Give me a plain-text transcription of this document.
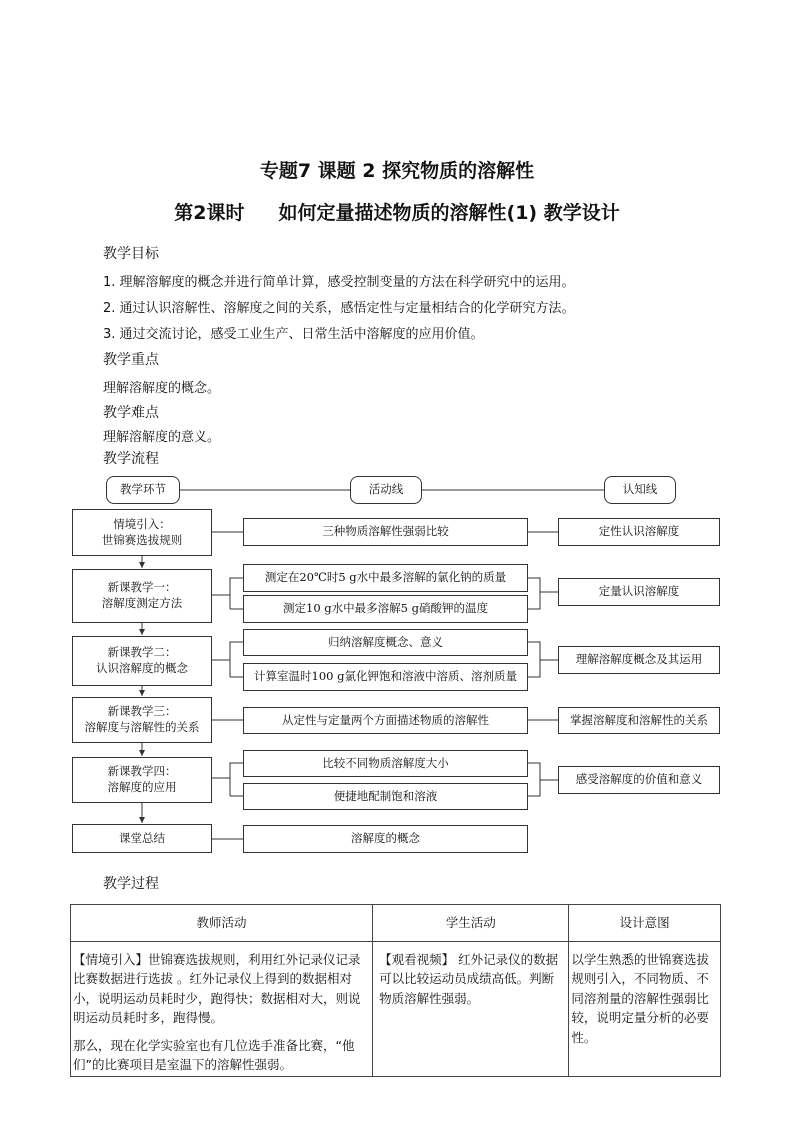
专题7 课题 2 探究物质的溶解性
第2课时 如何定量描述物质的溶解性(1) 教学设计
教学目标
1. 理解溶解度的概念并进行简单计算，感受控制变量的方法在科学研究中的运用。
2. 通过认识溶解性、溶解度之间的关系，感悟定性与定量相结合的化学研究方法。
3. 通过交流讨论，感受工业生产、日常生活中溶解度的应用价值。
教学重点
理解溶解度的概念。
教学难点
理解溶解度的意义。
教学流程
教学环节	活动线	认知线
情境引入：
世锦赛选拔规则
新课教学一：
溶解度测定方法
新课教学二：
认识溶解度的概念
新课教学三：
溶解度与溶解性的关系
新课教学四：
溶解度的应用
课堂总结
三种物质溶解性强弱比较
测定在20℃时5 g水中最多溶解的氯化钠的质量
测定10 g水中最多溶解5 g硝酸钾的温度
归纳溶解度概念、意义
计算室温时100 g氯化钾饱和溶液中溶质、溶剂质量
从定性与定量两个方面描述物质的溶解性
比较不同物质溶解度大小
便捷地配制饱和溶液
溶解度的概念
定性认识溶解度
定量认识溶解度
理解溶解度概念及其运用
掌握溶解度和溶解性的关系
感受溶解度的价值和意义
教学过程
教师活动	学生活动	设计意图

【情境引入】世锦赛选拔规则，利用红外记录仪记录比赛数据进行选拔 。红外记录仪上得到的数据相对小，说明运动员耗时少，跑得快；数据相对大，则说明运动员耗时多，跑得慢。
那么，现在化学实验室也有几位选手准备比赛，“他们”的比赛项目是室温下的溶解性强弱。	【观看视频】 红外记录仪的数据可以比较运动员成绩高低。判断物质溶解性强弱。	以学生熟悉的世锦赛选拔规则引入，不同物质、不同溶剂量的溶解性强弱比较，说明定量分析的必要性。
